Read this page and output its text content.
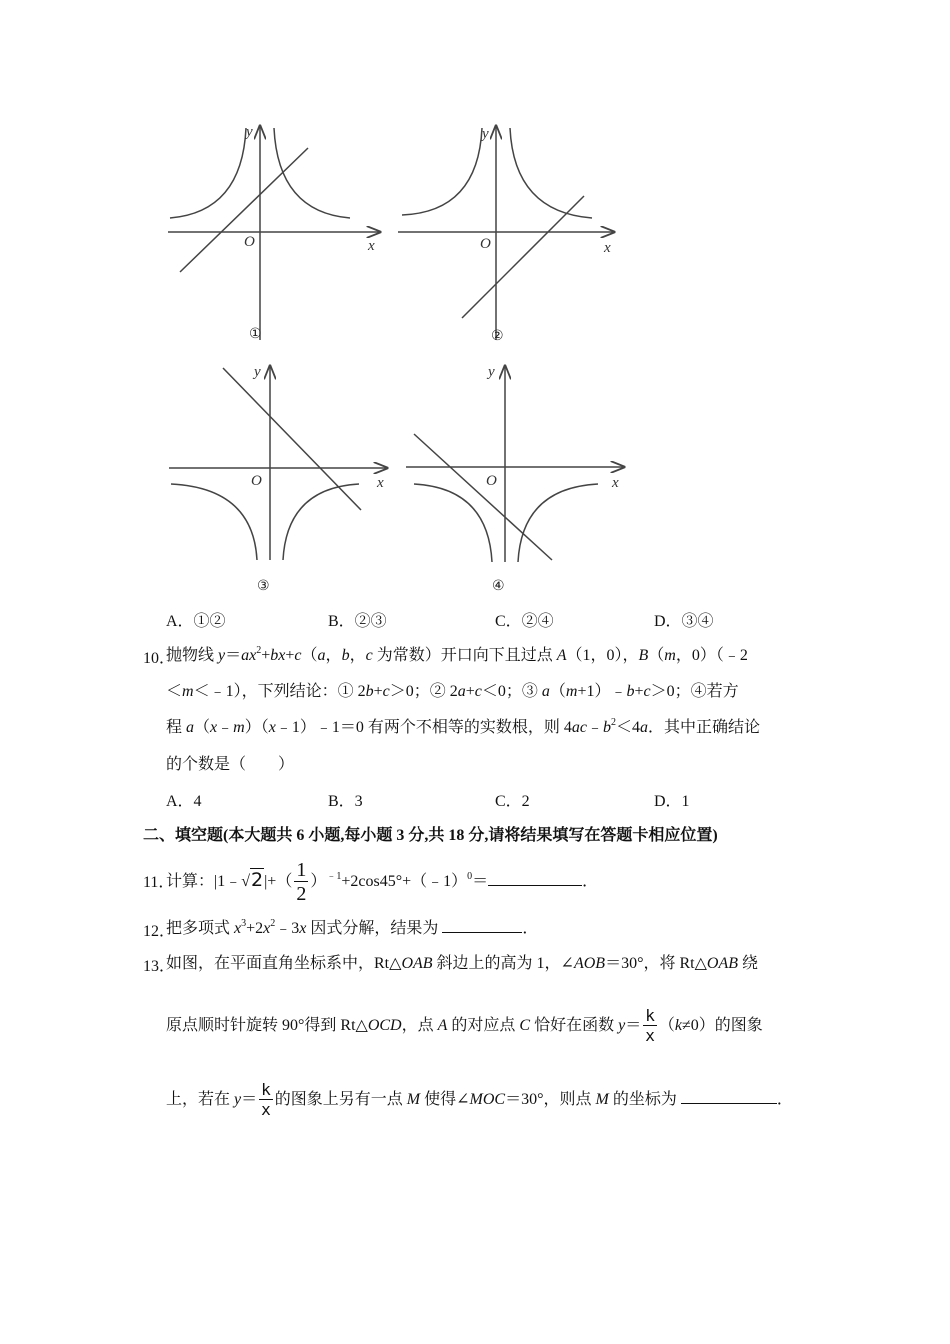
O	x
y
①
O	x
y
②
O	x
y
③
O	x
y
④
A．①②	B．②③	C．②④	D．③④
10．
抛物线 $y=ax^2+bx+c(a$，b，c 为常数）开口向下且过点 A（1，0），B（m，0）（﹣2
＜m＜﹣1），下列结论：① 2b+c＞0；② 2a+c＜0；③ a（m+1）﹣b+c＞0；④若方
程 a（x﹣m）（x﹣1）﹣1＝0 有两个不相等的实数根，则 $4ac﹣b^2<4a$．其中正确结论
的个数是（　　）
A．4	B．3	C．2	D．1
二、填空题(本大题共 6 小题,每小题 3 分,共 18 分,请将结果填写在答题卡相应位置)
11．
计算：|1﹣√2|+（ $\frac{1}{2}$ ）$^{﹣1}$+2cos45°+（﹣1）$^0$＝	．
12．
把多项式 $x^3+2x^2﹣3x$ 因式分解，结果为	．
13．
如图，在平面直角坐标系中，Rt△OAB 斜边上的高为 1，∠AOB＝30°，将 Rt△OAB 绕
原点顺时针旋转 90°得到 Rt△OCD，点 A 的对应点 C 恰好在函数 $y= \frac{k}{x} (k\ne 0)$的图象
上，若在 $y= \frac{k}{x}$ 的图象上另有一点 M 使得∠MOC＝30°，则点 M 的坐标为	．
